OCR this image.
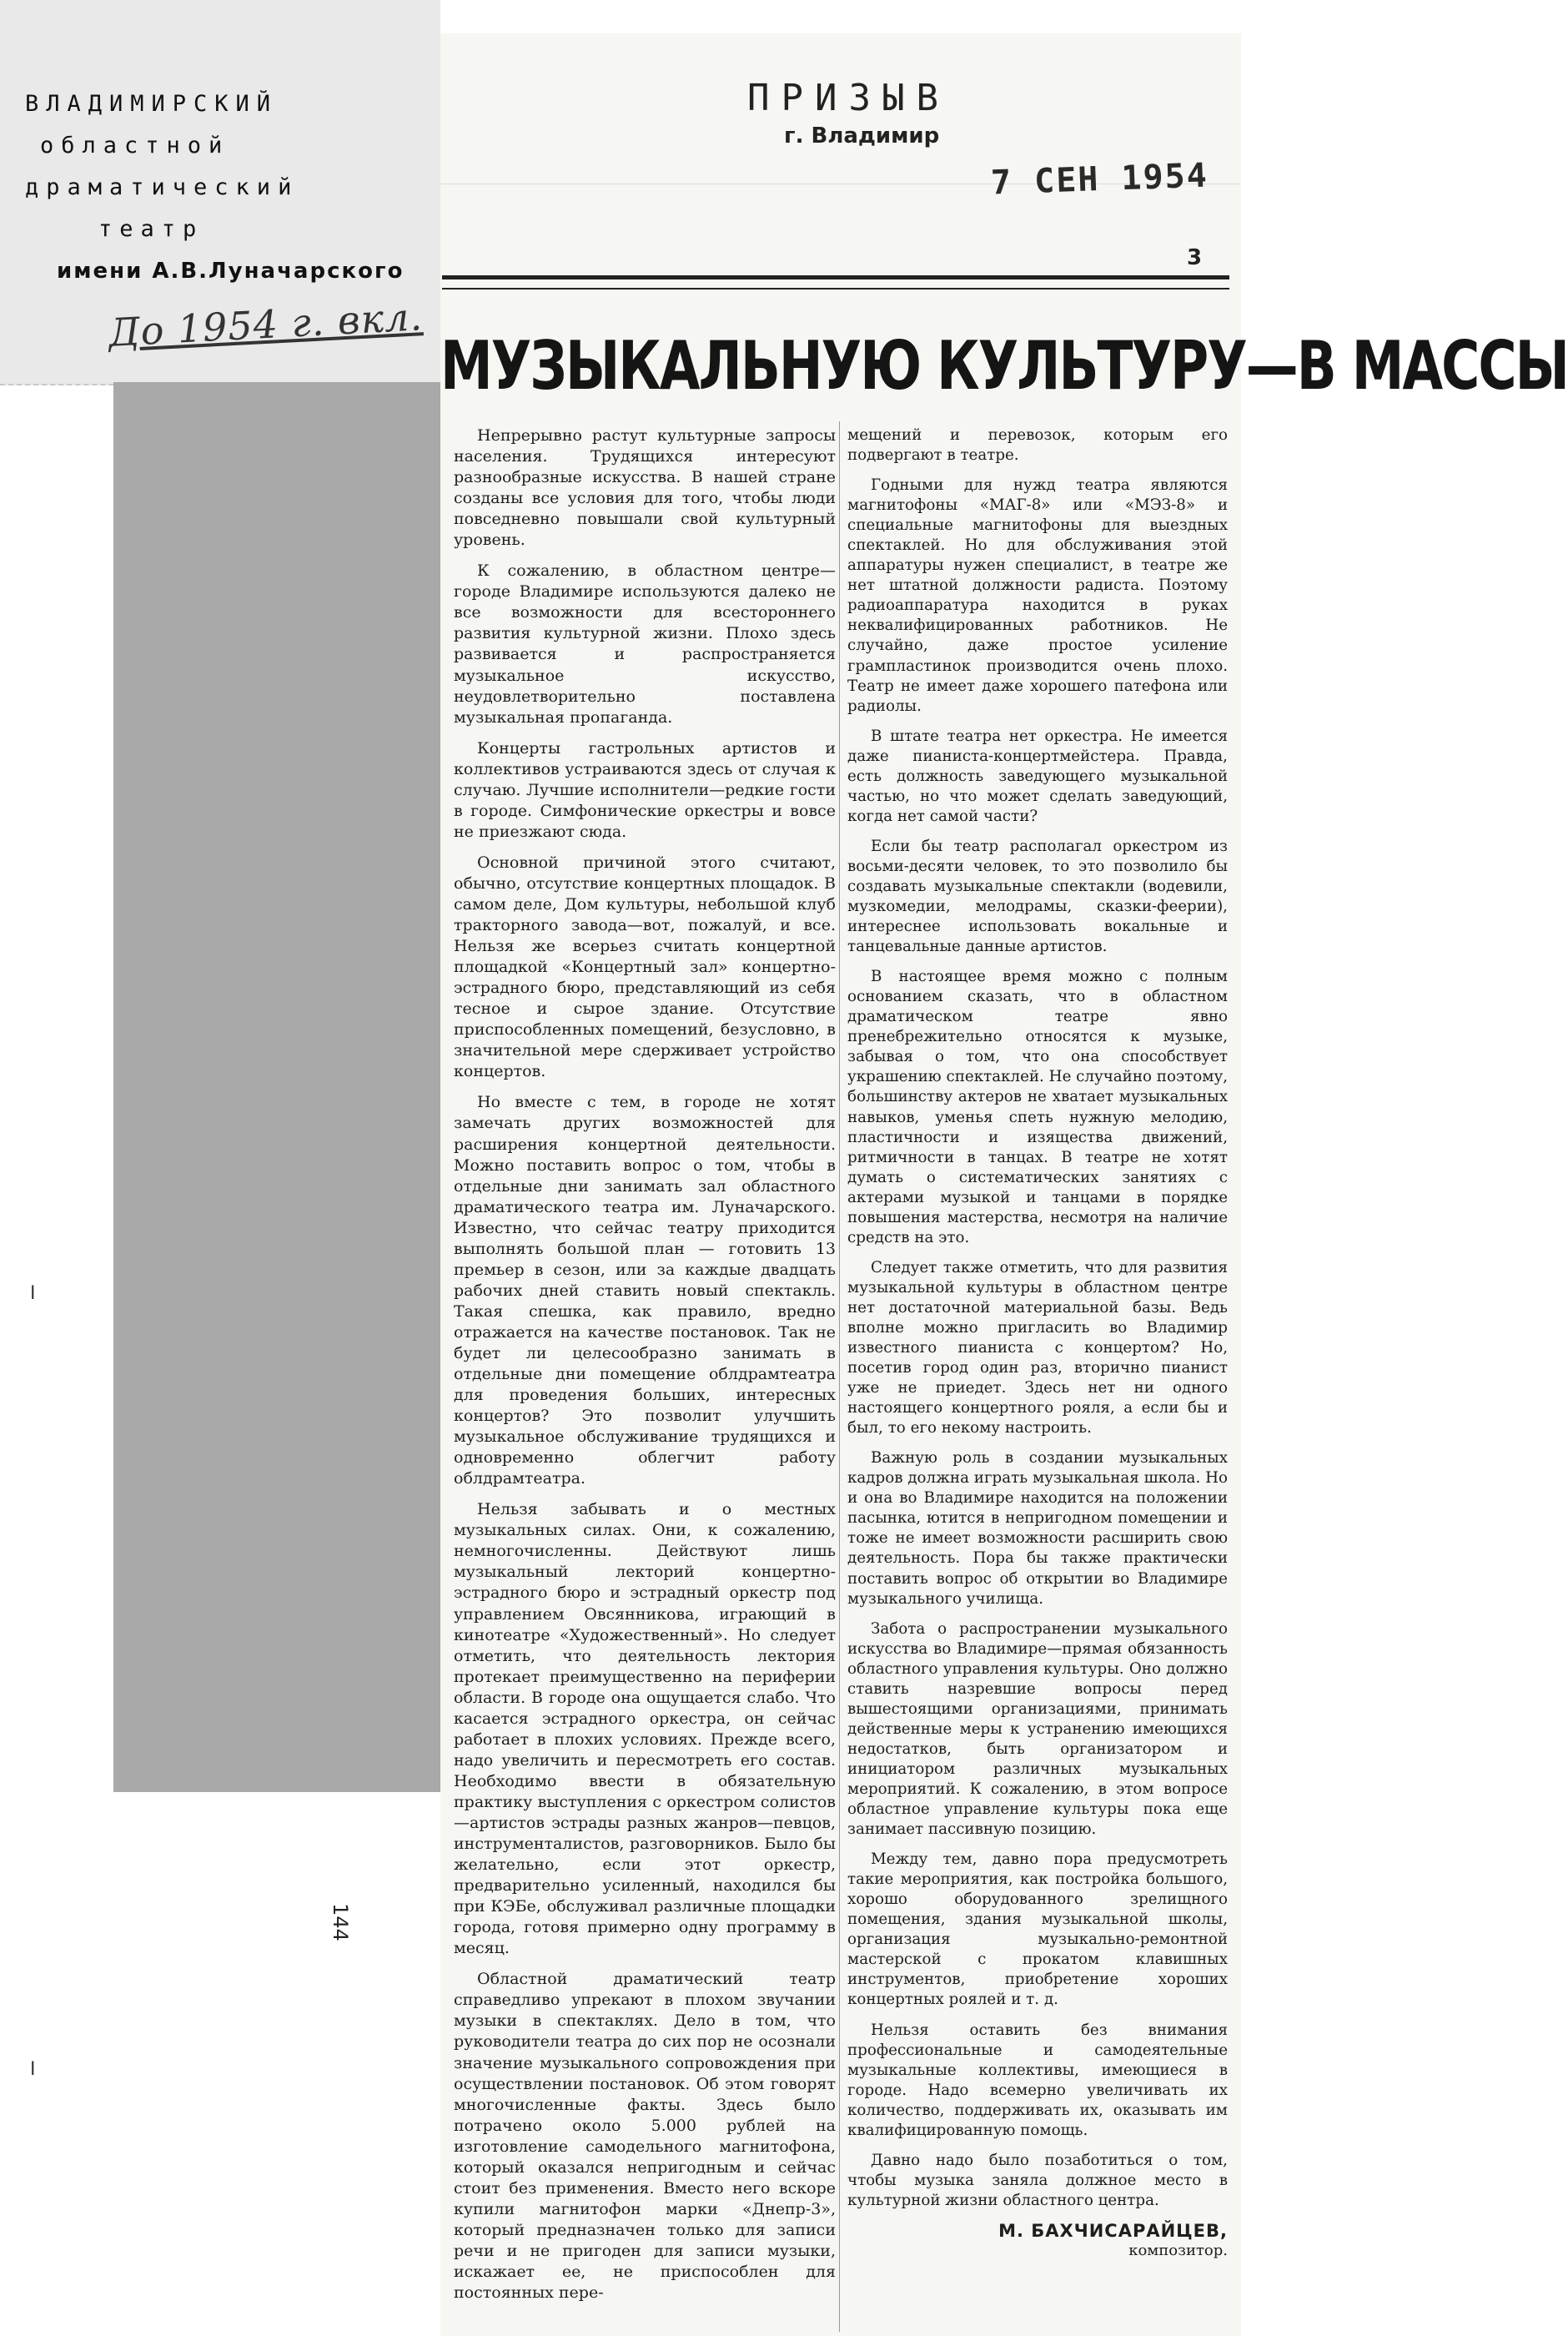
ВЛАДИМИРСКИЙ
областной
драматический
театр
имени А.В.Луначарского
До 1954 г. вкл.
144
I
I
ПРИЗЫВ
г. Владимир
7 СЕН 1954
3
МУЗЫКАЛЬНУЮ КУЛЬТУРУ—В МАССЫ

Непрерывно растут культурные запросы населения. Трудящихся интересуют разнообразные искусства. В нашей стране созданы все условия для того, чтобы люди повседневно повышали свой культурный уровень.

К сожалению, в областном центре—городе Владимире используются далеко не все возможности для всестороннего развития культурной жизни. Плохо здесь развивается и распространяется музыкальное искусство, неудовлетворительно поставлена музыкальная пропаганда.

Концерты гастрольных артистов и коллективов устраиваются здесь от случая к случаю. Лучшие исполнители—редкие гости в городе. Симфонические оркестры и вовсе не приезжают сюда.

Основной причиной этого считают, обычно, отсутствие концертных площадок. В самом деле, Дом культуры, небольшой клуб тракторного завода—вот, пожалуй, и все. Нельзя же всерьез считать концертной площадкой «Концертный зал» концертно-эстрадного бюро, представляющий из себя тесное и сырое здание. Отсутствие приспособленных помещений, безусловно, в значительной мере сдерживает устройство концертов.

Но вместе с тем, в городе не хотят замечать других возможностей для расширения концертной деятельности. Можно поставить вопрос о том, чтобы в отдельные дни занимать зал областного драматического театра им. Луначарского. Известно, что сейчас театру приходится выполнять большой план — готовить 13 премьер в сезон, или за каждые двадцать рабочих дней ставить новый спектакль. Такая спешка, как правило, вредно отражается на качестве постановок. Так не будет ли целесообразно занимать в отдельные дни помещение облдрамтеатра для проведения больших, интересных концертов? Это позволит улучшить музыкальное обслуживание трудящихся и одновременно облегчит работу облдрамтеатра.

Нельзя забывать и о местных музыкальных силах. Они, к сожалению, немногочисленны. Действуют лишь музыкальный лекторий концертно-эстрадного бюро и эстрадный оркестр под управлением Овсянникова, играющий в кинотеатре «Художественный». Но следует отметить, что деятельность лектория протекает преимущественно на периферии области. В городе она ощущается слабо. Что касается эстрадного оркестра, он сейчас работает в плохих условиях. Прежде всего, надо увеличить и пересмотреть его состав. Необходимо ввести в обязательную практику выступления с оркестром солистов—артистов эстрады разных жанров—певцов, инструменталистов, разговорников. Было бы желательно, если этот оркестр, предварительно усиленный, находился бы при КЭБе, обслуживал различные площадки города, готовя примерно одну программу в месяц.

Областной драматический театр справедливо упрекают в плохом звучании музыки в спектаклях. Дело в том, что руководители театра до сих пор не осознали значение музыкального сопровождения при осуществлении постановок. Об этом говорят многочисленные факты. Здесь было потрачено около 5.000 рублей на изготовление самодельного магнитофона, который оказался непригодным и сейчас стоит без применения. Вместо него вскоре купили магнитофон марки «Днепр-3», который предназначен только для записи речи и не пригоден для записи музыки, искажает ее, не приспособлен для постоянных пере-

мещений и перевозок, которым его подвергают в театре.

Годными для нужд театра являются магнитофоны «МАГ-8» или «МЭЗ-8» и специальные магнитофоны для выездных спектаклей. Но для обслуживания этой аппаратуры нужен специалист, в театре же нет штатной должности радиста. Поэтому радиоаппаратура находится в руках неквалифицированных работников. Не случайно, даже простое усиление грампластинок производится очень плохо. Театр не имеет даже хорошего патефона или радиолы.

В штате театра нет оркестра. Не имеется даже пианиста-концертмейстера. Правда, есть должность заведующего музыкальной частью, но что может сделать заведующий, когда нет самой части?

Если бы театр располагал оркестром из восьми-десяти человек, то это позволило бы создавать музыкальные спектакли (водевили, музкомедии, мелодрамы, сказки-феерии), интереснее использовать вокальные и танцевальные данные артистов.

В настоящее время можно с полным основанием сказать, что в областном драматическом театре явно пренебрежительно относятся к музыке, забывая о том, что она способствует украшению спектаклей. Не случайно поэтому, большинству актеров не хватает музыкальных навыков, уменья спеть нужную мелодию, пластичности и изящества движений, ритмичности в танцах. В театре не хотят думать о систематических занятиях с актерами музыкой и танцами в порядке повышения мастерства, несмотря на наличие средств на это.

Следует также отметить, что для развития музыкальной культуры в областном центре нет достаточной материальной базы. Ведь вполне можно пригласить во Владимир известного пианиста с концертом? Но, посетив город один раз, вторично пианист уже не приедет. Здесь нет ни одного настоящего концертного рояля, а если бы и был, то его некому настроить.

Важную роль в создании музыкальных кадров должна играть музыкальная школа. Но и она во Владимире находится на положении пасынка, ютится в непригодном помещении и тоже не имеет возможности расширить свою деятельность. Пора бы также практически поставить вопрос об открытии во Владимире музыкального училища.

Забота о распространении музыкального искусства во Владимире—прямая обязанность областного управления культуры. Оно должно ставить назревшие вопросы перед вышестоящими организациями, принимать действенные меры к устранению имеющихся недостатков, быть организатором и инициатором различных музыкальных мероприятий. К сожалению, в этом вопросе областное управление культуры пока еще занимает пассивную позицию.

Между тем, давно пора предусмотреть такие мероприятия, как постройка большого, хорошо оборудованного зрелищного помещения, здания музыкальной школы, организация музыкально-ремонтной мастерской с прокатом клавишных инструментов, приобретение хороших концертных роялей и т. д.

Нельзя оставить без внимания профессиональные и самодеятельные музыкальные коллективы, имеющиеся в городе. Надо всемерно увеличивать их количество, поддерживать их, оказывать им квалифицированную помощь.

Давно надо было позаботиться о том, чтобы музыка заняла должное место в культурной жизни областного центра.

М. БАХЧИСАРАЙЦЕВ,

композитор.
